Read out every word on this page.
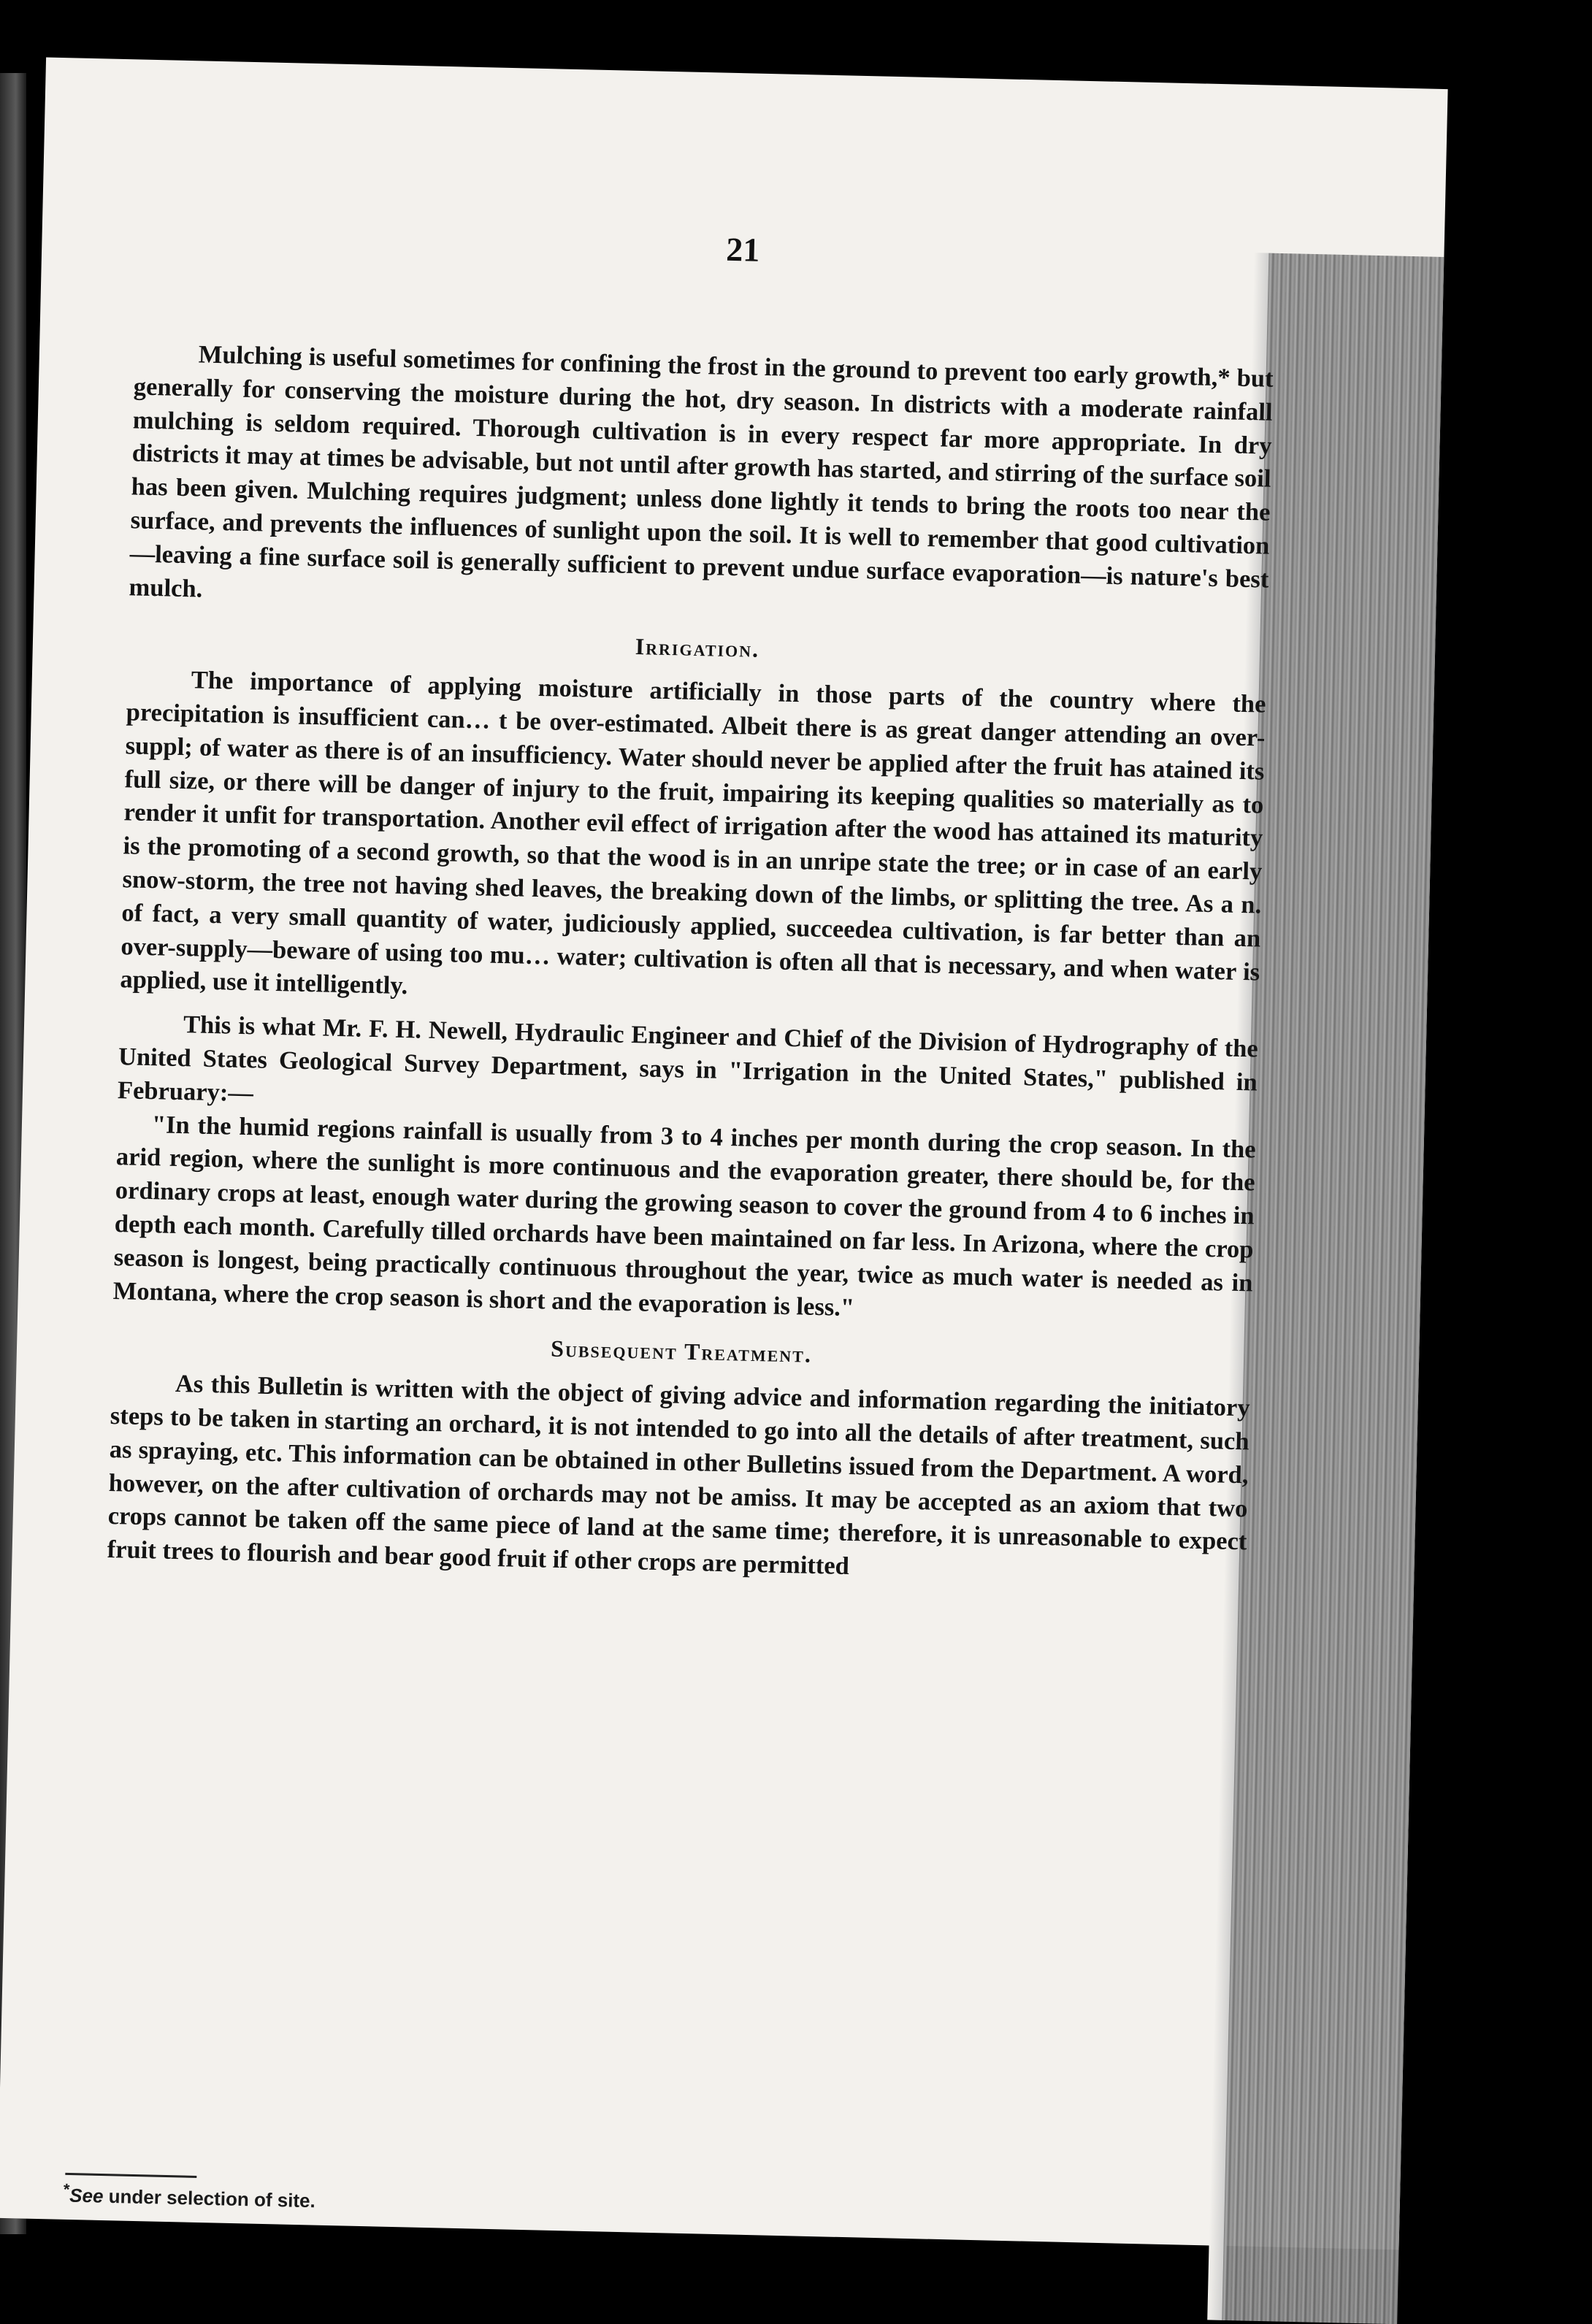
21

Mulching is useful sometimes for confining the frost in the ground to prevent too early growth,* but generally for conserving the moisture during the hot, dry season. In districts with a moderate rainfall mulching is seldom required. Thorough cultivation is in every respect far more appropriate. In dry districts it may at times be advisable, but not until after growth has started, and stirring of the surface soil has been given. Mulching requires judgment; unless done lightly it tends to bring the roots too near the surface, and prevents the influences of sunlight upon the soil. It is well to remember that good cultivation—leaving a fine surface soil is generally sufficient to prevent undue surface evaporation—is nature's best mulch.

Irrigation.

The importance of applying moisture artificially in those parts of the country where the precipitation is insufficient can… t be over-estimated. Albeit there is as great danger attending an over-suppl; of water as there is of an insufficiency. Water should never be applied after the fruit has atained its full size, or there will be danger of injury to the fruit, impairing its keeping qualities so materially as to render it unfit for transportation. Another evil effect of irrigation after the wood has attained its maturity is the promoting of a second growth, so that the wood is in an unripe state the tree; or in case of an early snow-storm, the tree not having shed leaves, the breaking down of the limbs, or splitting the tree. As a n. of fact, a very small quantity of water, judiciously applied, succeedea cultivation, is far better than an over-supply—beware of using too mu… water; cultivation is often all that is necessary, and when water is applied, use it intelligently.

This is what Mr. F. H. Newell, Hydraulic Engineer and Chief of the Division of Hydrography of the United States Geological Survey Department, says in "Irrigation in the United States," published in February:—

"In the humid regions rainfall is usually from 3 to 4 inches per month during the crop season. In the arid region, where the sunlight is more continuous and the evaporation greater, there should be, for the ordinary crops at least, enough water during the growing season to cover the ground from 4 to 6 inches in depth each month. Carefully tilled orchards have been maintained on far less. In Arizona, where the crop season is longest, being practically continuous throughout the year, twice as much water is needed as in Montana, where the crop season is short and the evaporation is less."

Subsequent Treatment.

As this Bulletin is written with the object of giving advice and information regarding the initiatory steps to be taken in starting an orchard, it is not intended to go into all the details of after treatment, such as spraying, etc. This information can be obtained in other Bulletins issued from the Department. A word, however, on the after cultivation of orchards may not be amiss. It may be accepted as an axiom that two crops cannot be taken off the same piece of land at the same time; therefore, it is unreasonable to expect fruit trees to flourish and bear good fruit if other crops are permitted

*See under selection of site.
